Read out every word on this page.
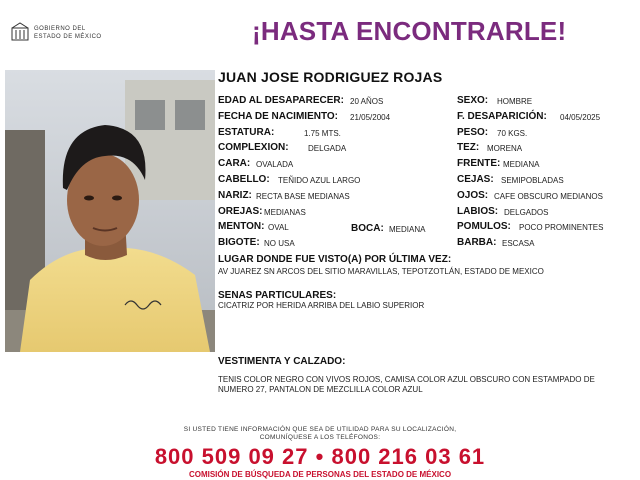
GOBIERNO DEL
ESTADO DE MÉXICO	¡HASTA ENCONTRARLE!
JUAN JOSE RODRIGUEZ ROJAS
EDAD AL DESAPARECER: 20 AÑOS
FECHA DE NACIMIENTO: 21/05/2004
ESTATURA:	1.75 MTS.
COMPLEXION: DELGADA
CARA: OVALADA
CABELLO: TEÑIDO AZUL LARGO
NARIZ: RECTA BASE MEDIANAS
OREJAS: MEDIANAS
MENTON: OVAL
BIGOTE: NO USA
SEXO: HOMBRE
F. DESAPARICIÓN: 04/05/2025
PESO: 70 KGS.
TEZ: MORENA
FRENTE: MEDIANA
CEJAS: SEMIPOBLADAS
OJOS: CAFE OBSCURO MEDIANOS
LABIOS: DELGADOS
POMULOS: POCO PROMINENTES
BARBA: ESCASA
BOCA: MEDIANA
LUGAR DONDE FUE VISTO(A) POR ÚLTIMA VEZ:
AV JUAREZ SN ARCOS DEL SITIO MARAVILLAS, TEPOTZOTLÁN, ESTADO DE MEXICO
SENAS PARTICULARES:
CICATRIZ POR HERIDA ARRIBA DEL LABIO SUPERIOR
VESTIMENTA Y CALZADO:
TENIS COLOR NEGRO CON VIVOS ROJOS, CAMISA COLOR AZUL OBSCURO CON ESTAMPADO DE NUMERO 27, PANTALON DE MEZCLILLA COLOR AZUL
SI USTED TIENE INFORMACIÓN QUE SEA DE UTILIDAD PARA SU LOCALIZACIÓN,
COMUNÍQUESE A LOS TELÉFONOS:
800 509 09 27 • 800 216 03 61
COMISIÓN DE BÚSQUEDA DE PERSONAS DEL ESTADO DE MÉXICO
